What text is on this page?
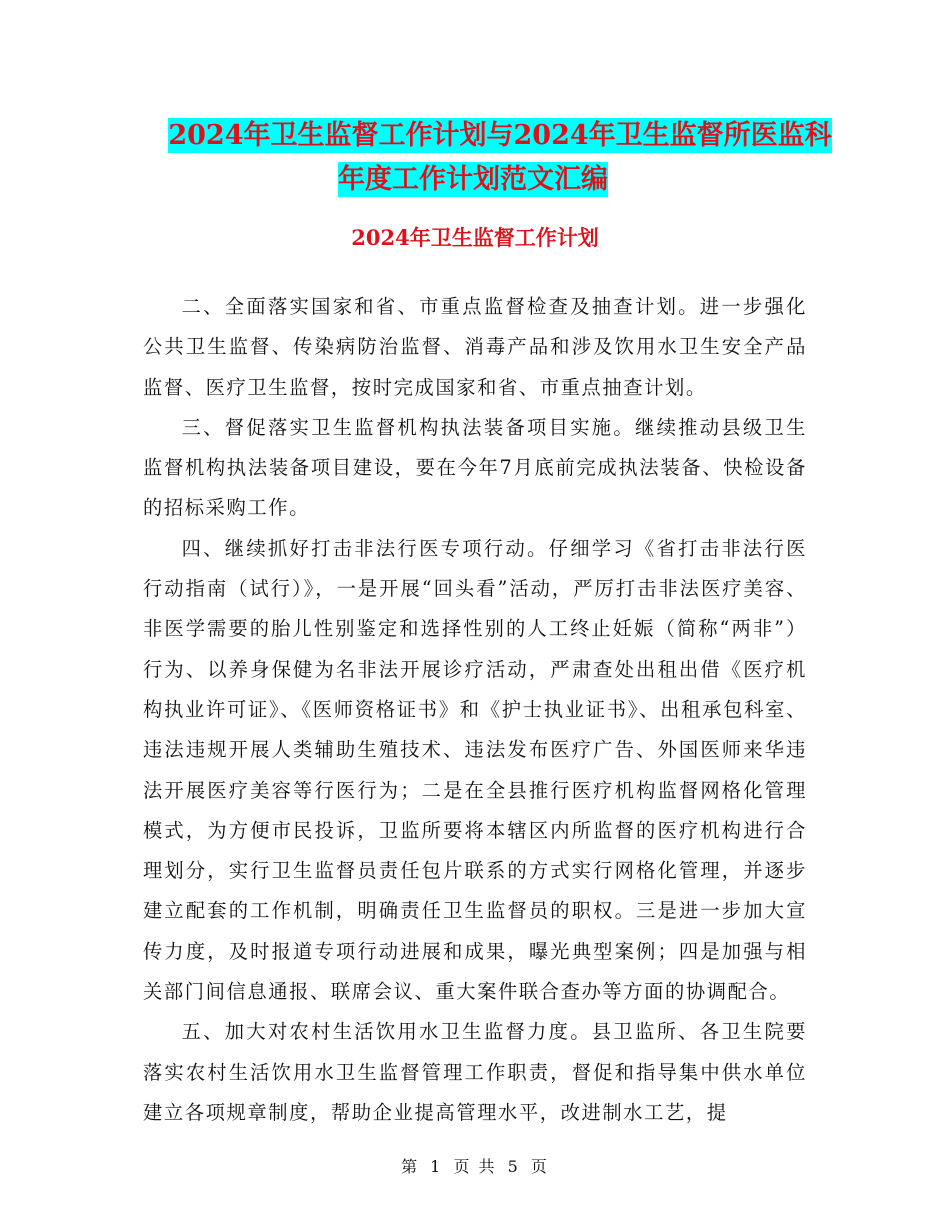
2024年卫生监督工作计划与2024年卫生监督所医监科
年度工作计划范文汇编
2024年卫生监督工作计划

二、全面落实国家和省、市重点监督检查及抽查计划。进一步强化公共卫生监督、传染病防治监督、消毒产品和涉及饮用水卫生安全产品监督、医疗卫生监督，按时完成国家和省、市重点抽查计划。

三、督促落实卫生监督机构执法装备项目实施。继续推动县级卫生监督机构执法装备项目建设，要在今年7月底前完成执法装备、快检设备的招标采购工作。

四、继续抓好打击非法行医专项行动。仔细学习《省打击非法行医行动指南（试行）》，一是开展“回头看”活动，严厉打击非法医疗美容、非医学需要的胎儿性别鉴定和选择性别的人工终止妊娠（简称“两非”）行为、以养身保健为名非法开展诊疗活动，严肃查处出租出借《医疗机构执业许可证》、《医师资格证书》和《护士执业证书》、出租承包科室、违法违规开展人类辅助生殖技术、违法发布医疗广告、外国医师来华违法开展医疗美容等行医行为；二是在全县推行医疗机构监督网格化管理模式，为方便市民投诉，卫监所要将本辖区内所监督的医疗机构进行合理划分，实行卫生监督员责任包片联系的方式实行网格化管理，并逐步建立配套的工作机制，明确责任卫生监督员的职权。三是进一步加大宣传力度，及时报道专项行动进展和成果，曝光典型案例；四是加强与相关部门间信息通报、联席会议、重大案件联合查办等方面的协调配合。

五、加大对农村生活饮用水卫生监督力度。县卫监所、各卫生院要落实农村生活饮用水卫生监督管理工作职责，督促和指导集中供水单位建立各项规章制度，帮助企业提高管理水平，改进制水工艺，提

第 1 页 共 5 页
